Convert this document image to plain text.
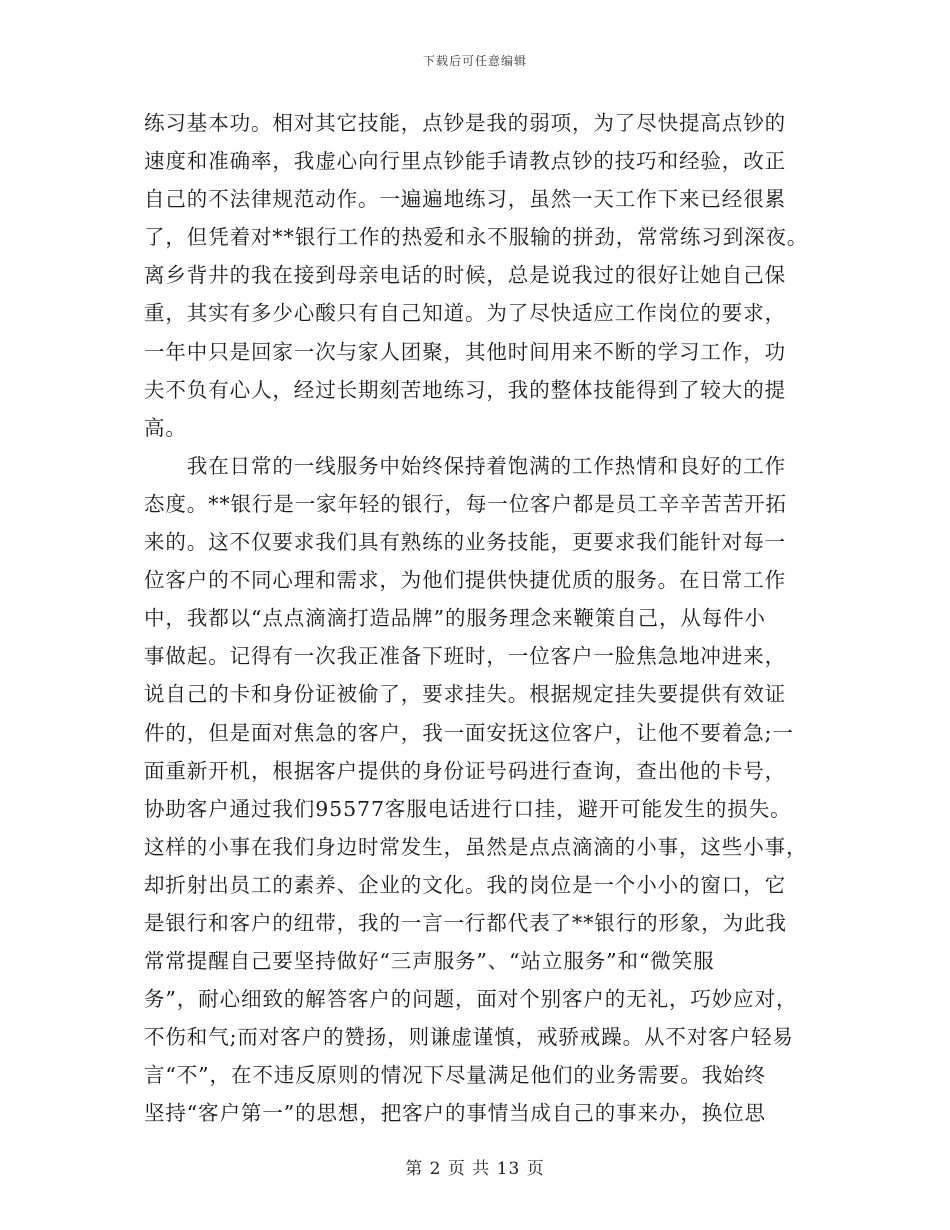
下载后可任意编辑
练习基本功。相对其它技能，点钞是我的弱项，为了尽快提高点钞的
速度和准确率，我虚心向行里点钞能手请教点钞的技巧和经验，改正
自己的不法律规范动作。一遍遍地练习，虽然一天工作下来已经很累
了，但凭着对**银行工作的热爱和永不服输的拼劲，常常练习到深夜。
离乡背井的我在接到母亲电话的时候，总是说我过的很好让她自己保
重，其实有多少心酸只有自己知道。为了尽快适应工作岗位的要求，
一年中只是回家一次与家人团聚，其他时间用来不断的学习工作，功
夫不负有心人，经过长期刻苦地练习，我的整体技能得到了较大的提
高。
　　我在日常的一线服务中始终保持着饱满的工作热情和良好的工作
态度。**银行是一家年轻的银行，每一位客户都是员工辛辛苦苦开拓
来的。这不仅要求我们具有熟练的业务技能，更要求我们能针对每一
位客户的不同心理和需求，为他们提供快捷优质的服务。在日常工作
中，我都以“点点滴滴打造品牌”的服务理念来鞭策自己，从每件小
事做起。记得有一次我正准备下班时，一位客户一脸焦急地冲进来，
说自己的卡和身份证被偷了，要求挂失。根据规定挂失要提供有效证
件的，但是面对焦急的客户，我一面安抚这位客户，让他不要着急;一
面重新开机，根据客户提供的身份证号码进行查询，查出他的卡号，
协助客户通过我们95577客服电话进行口挂，避开可能发生的损失。
这样的小事在我们身边时常发生，虽然是点点滴滴的小事，这些小事，
却折射出员工的素养、企业的文化。我的岗位是一个小小的窗口，它
是银行和客户的纽带，我的一言一行都代表了**银行的形象，为此我
常常提醒自己要坚持做好“三声服务”、“站立服务”和“微笑服
务”，耐心细致的解答客户的问题，面对个别客户的无礼，巧妙应对，
不伤和气;而对客户的赞扬，则谦虚谨慎，戒骄戒躁。从不对客户轻易
言“不”，在不违反原则的情况下尽量满足他们的业务需要。我始终
坚持“客户第一”的思想，把客户的事情当成自己的事来办，换位思
第 2 页 共 13 页
